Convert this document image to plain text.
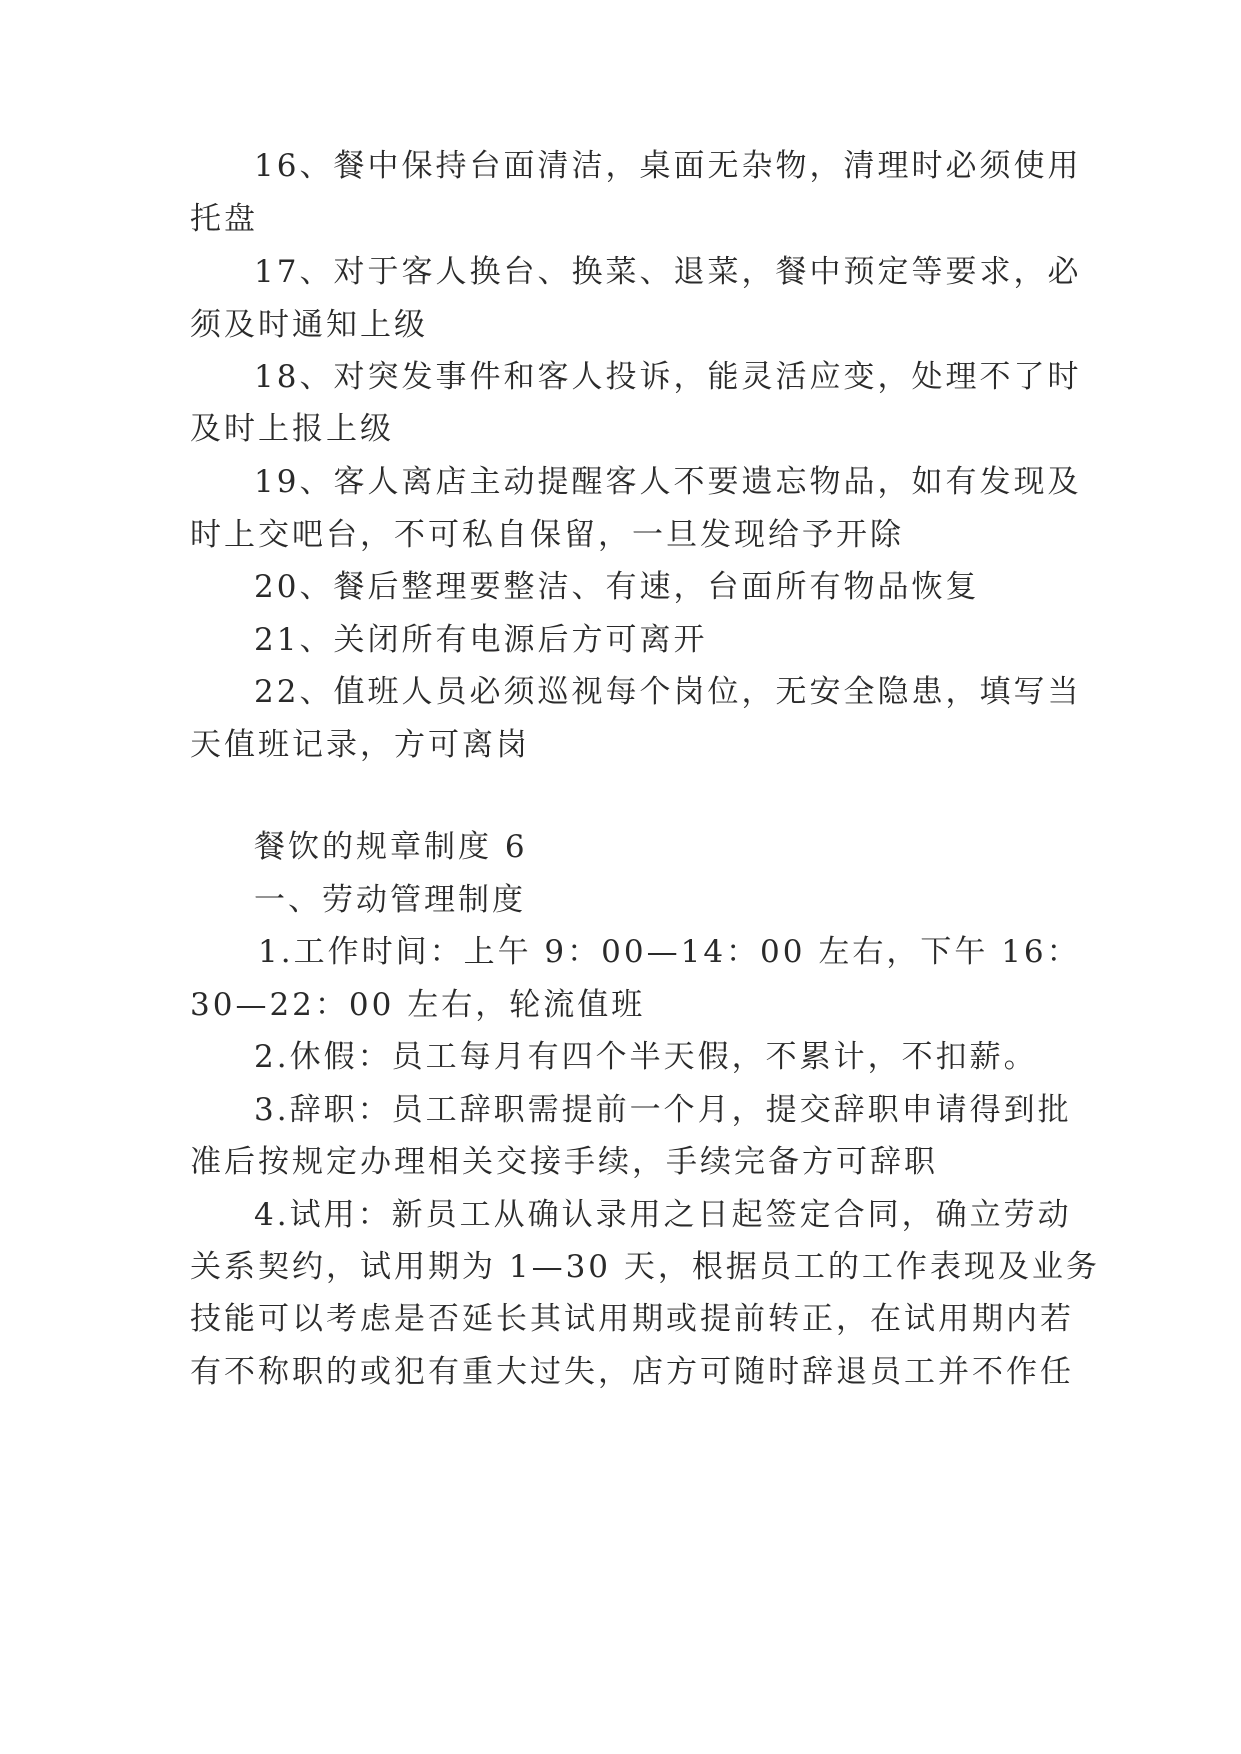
16、餐中保持台面清洁，桌面无杂物，清理时必须使用
托盘
17、对于客人换台、换菜、退菜，餐中预定等要求，必
须及时通知上级
18、对突发事件和客人投诉，能灵活应变，处理不了时
及时上报上级
19、客人离店主动提醒客人不要遗忘物品，如有发现及
时上交吧台，不可私自保留，一旦发现给予开除
20、餐后整理要整洁、有速，台面所有物品恢复
21、关闭所有电源后方可离开
22、值班人员必须巡视每个岗位，无安全隐患，填写当
天值班记录，方可离岗
餐饮的规章制度 6
一、劳动管理制度
1.工作时间：上午 9：00—14：00 左右，下午 16：
30—22：00 左右，轮流值班
2.休假：员工每月有四个半天假，不累计，不扣薪。
3.辞职：员工辞职需提前一个月，提交辞职申请得到批
准后按规定办理相关交接手续，手续完备方可辞职
4.试用：新员工从确认录用之日起签定合同，确立劳动
关系契约，试用期为 1—30 天，根据员工的工作表现及业务
技能可以考虑是否延长其试用期或提前转正，在试用期内若
有不称职的或犯有重大过失，店方可随时辞退员工并不作任
